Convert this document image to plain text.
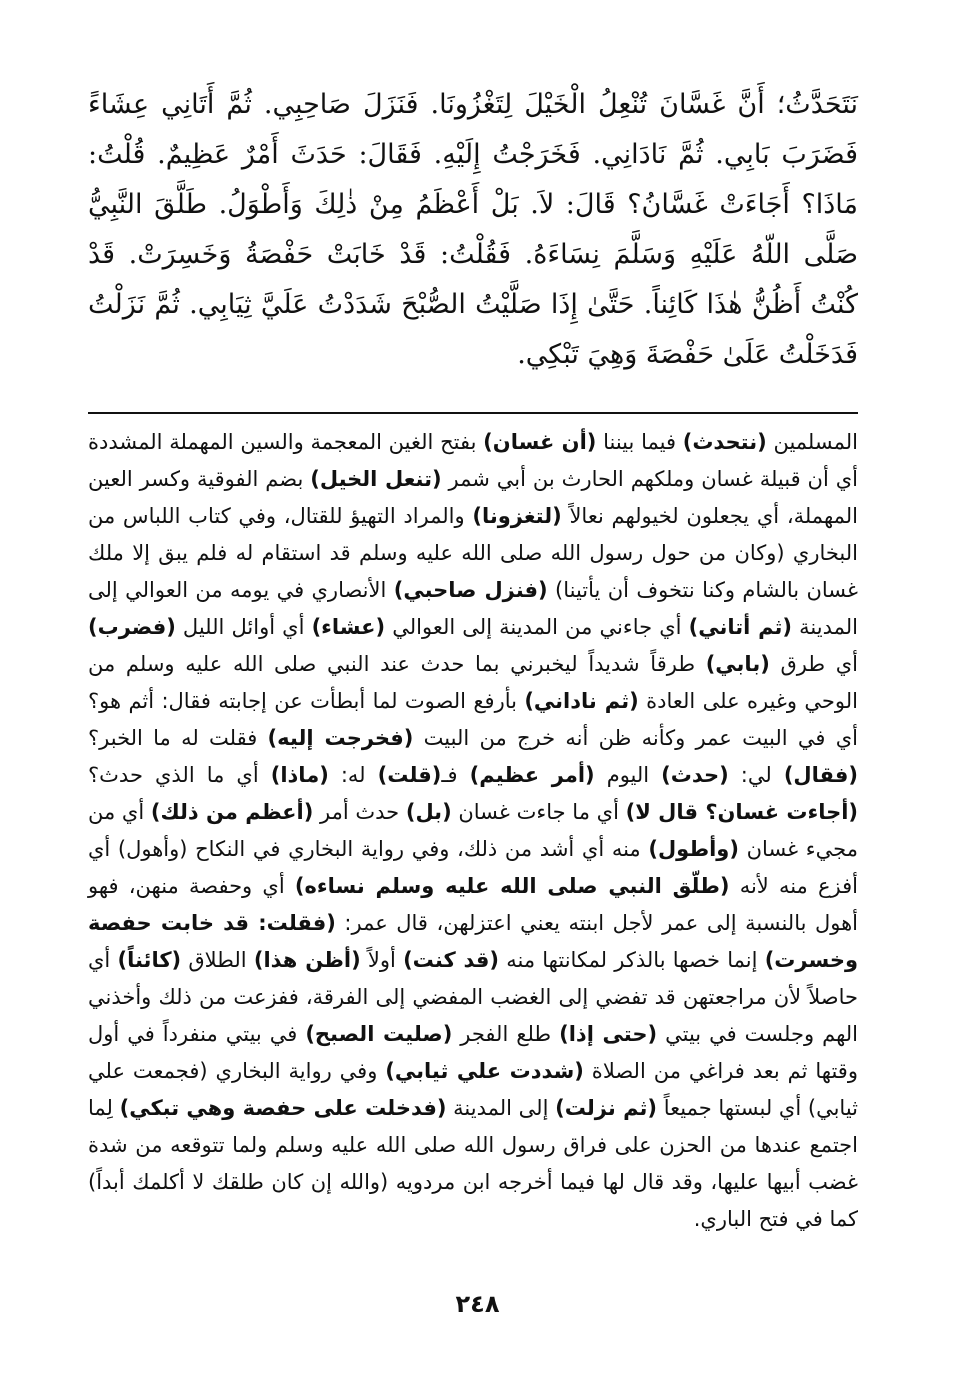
نَتَحَدَّثُ؛ أَنَّ غَسَّانَ تُنْعِلُ الْخَيْلَ لِتَغْزُونَا. فَنَزَلَ صَاحِبِي. ثُمَّ أَتَانِي عِشَاءً فَضَرَبَ بَابِي. ثُمَّ نَادَانِي. فَخَرَجْتُ إِلَيْهِ. فَقَالَ: حَدَثَ أَمْرٌ عَظِيمٌ. قُلْتُ: مَاذَا؟ أَجَاءَتْ غَسَّانُ؟ قَالَ: لاَ. بَلْ أَعْظَمُ مِنْ ذٰلِكَ وَأَطْوَلُ. طَلَّقَ النَّبِيُّ صَلَّى اللّهُ عَلَيْهِ وَسَلَّمَ نِسَاءَهُ. فَقُلْتُ: قَدْ خَابَتْ حَفْصَةُ وَخَسِرَتْ. قَدْ كُنْتُ أَظُنُّ هٰذَا كَائِناً. حَتَّىٰ إِذَا صَلَّيْتُ الصُّبْحَ شَدَدْتُ عَلَيَّ ثِيَابِي. ثُمَّ نَزَلْتُ فَدَخَلْتُ عَلَىٰ حَفْصَةَ وَهِيَ تَبْكِي.

المسلمين (نتحدث) فيما بيننا (أن غسان) بفتح الغين المعجمة والسين المهملة المشددة أي أن قبيلة غسان وملكهم الحارث بن أبي شمر (تنعل الخيل) بضم الفوقية وكسر العين المهملة، أي يجعلون لخيولهم نعالاً (لتغزونا) والمراد التهيؤ للقتال، وفي كتاب اللباس من البخاري (وكان من حول رسول الله صلى الله عليه وسلم قد استقام له فلم يبق إلا ملك غسان بالشام وكنا نتخوف أن يأتينا) (فنزل صاحبي) الأنصاري في يومه من العوالي إلى المدينة (ثم أتاني) أي جاءني من المدينة إلى العوالي (عشاء) أي أوائل الليل (فضرب) أي طرق (بابي) طرقاً شديداً ليخبرني بما حدث عند النبي صلى الله عليه وسلم من الوحي وغيره على العادة (ثم ناداني) بأرفع الصوت لما أبطأت عن إجابته فقال: أثم هو؟ أي في البيت عمر وكأنه ظن أنه خرج من البيت (فخرجت إليه) فقلت له ما الخبر؟ (فقال) لي: (حدث) اليوم (أمر عظيم) فـ(قلت) له: (ماذا) أي ما الذي حدث؟ (أجاءت غسان؟ قال لا) أي ما جاءت غسان (بل) حدث أمر (أعظم من ذلك) أي من مجيء غسان (وأطول) منه أي أشد من ذلك، وفي رواية البخاري في النكاح (وأهول) أي أفزع منه لأنه (طلّق النبي صلى الله عليه وسلم نساءه) أي وحفصة منهن، فهو أهول بالنسبة إلى عمر لأجل ابنته يعني اعتزلهن، قال عمر: (فقلت: قد خابت حفصة وخسرت) إنما خصها بالذكر لمكانتها منه (قد كنت) أولاً (أظن هذا) الطلاق (كائناً) أي حاصلاً لأن مراجعتهن قد تفضي إلى الغضب المفضي إلى الفرقة، ففزعت من ذلك وأخذني الهم وجلست في بيتي (حتى إذا) طلع الفجر (صليت الصبح) في بيتي منفرداً في أول وقتها ثم بعد فراغي من الصلاة (شددت علي ثيابي) وفي رواية البخاري (فجمعت علي ثيابي) أي لبستها جميعاً (ثم نزلت) إلى المدينة (فدخلت على حفصة وهي تبكي) لِما اجتمع عندها من الحزن على فراق رسول الله صلى الله عليه وسلم ولما تتوقعه من شدة غضب أبيها عليها، وقد قال لها فيما أخرجه ابن مردويه (والله إن كان طلقك لا أكلمك أبداً) كما في فتح الباري.

٢٤٨
